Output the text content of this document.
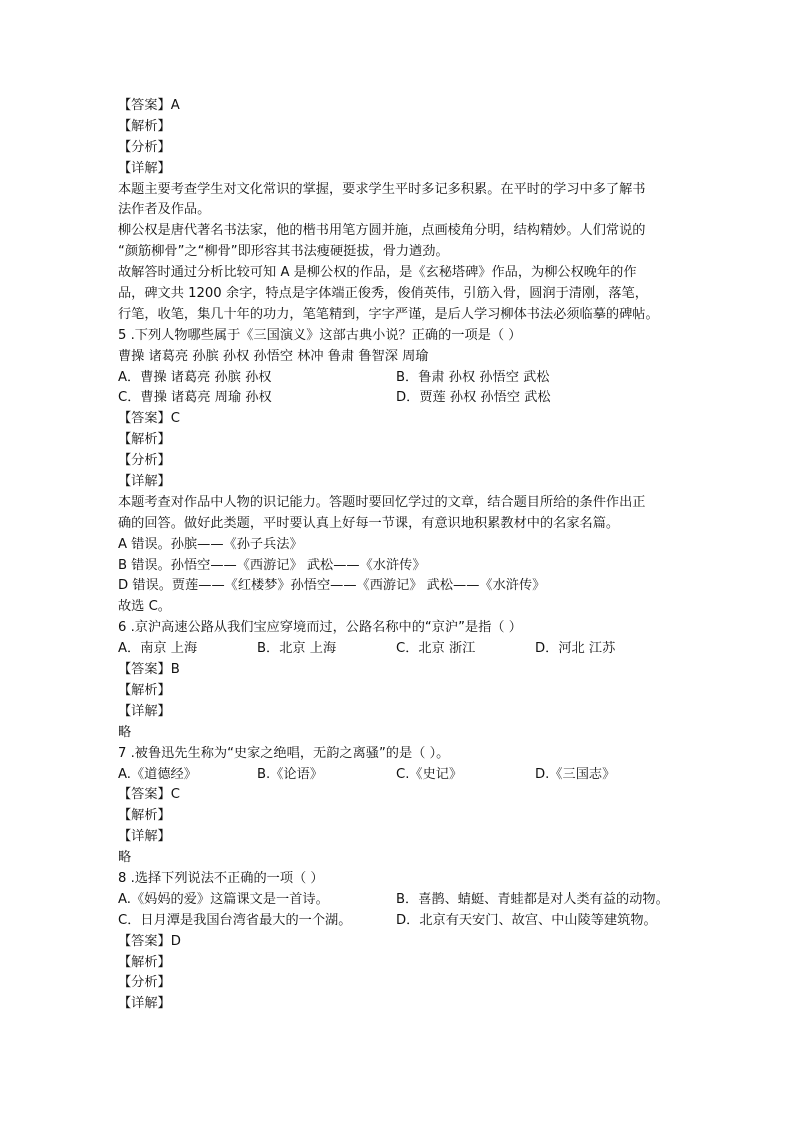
【答案】A
【解析】
【分析】
【详解】
本题主要考查学生对文化常识的掌握，要求学生平时多记多积累。在平时的学习中多了解书
法作者及作品。
柳公权是唐代著名书法家，他的楷书用笔方圆并施，点画棱角分明，结构精妙。人们常说的
“颜筋柳骨”之“柳骨”即形容其书法瘦硬挺拔，骨力遒劲。
故解答时通过分析比较可知 A 是柳公权的作品，是《玄秘塔碑》作品，为柳公权晚年的作
品，碑文共 1200 余字，特点是字体端正俊秀，俊俏英伟，引筋入骨，圆润于清刚，落笔，
行笔，收笔，集几十年的功力，笔笔精到，字字严谨，是后人学习柳体书法必须临摹的碑帖。
5 .下列人物哪些属于《三国演义》这部古典小说？正确的一项是（ ）
曹操 诸葛亮 孙膑 孙权 孙悟空 林冲 鲁肃 鲁智深 周瑜
A．曹操 诸葛亮 孙膑 孙权	B．鲁肃 孙权 孙悟空 武松
C．曹操 诸葛亮 周瑜 孙权	D．贾莲 孙权 孙悟空 武松
【答案】C
【解析】
【分析】
【详解】
本题考查对作品中人物的识记能力。答题时要回忆学过的文章，结合题目所给的条件作出正
确的回答。做好此类题，平时要认真上好每一节课，有意识地积累教材中的名家名篇。
A 错误。孙膑——《孙子兵法》
B 错误。孙悟空——《西游记》 武松——《水浒传》
D 错误。贾莲——《红楼梦》孙悟空——《西游记》 武松——《水浒传》
故选 C。
6 .京沪高速公路从我们宝应穿境而过，公路名称中的“京沪”是指（ ）
A．南京 上海	B．北京 上海	C．北京 浙江	D．河北 江苏
【答案】B
【解析】
【详解】
略
7 .被鲁迅先生称为“史家之绝唱，无韵之离骚”的是（ ）。
A.《道德经》	B.《论语》	C.《史记》	D.《三国志》
【答案】C
【解析】
【详解】
略
8 .选择下列说法不正确的一项（ ）
A.《妈妈的爱》这篇课文是一首诗。	B．喜鹊、蜻蜓、青蛙都是对人类有益的动物。
C．日月潭是我国台湾省最大的一个湖。	D．北京有天安门、故宫、中山陵等建筑物。
【答案】D
【解析】
【分析】
【详解】
